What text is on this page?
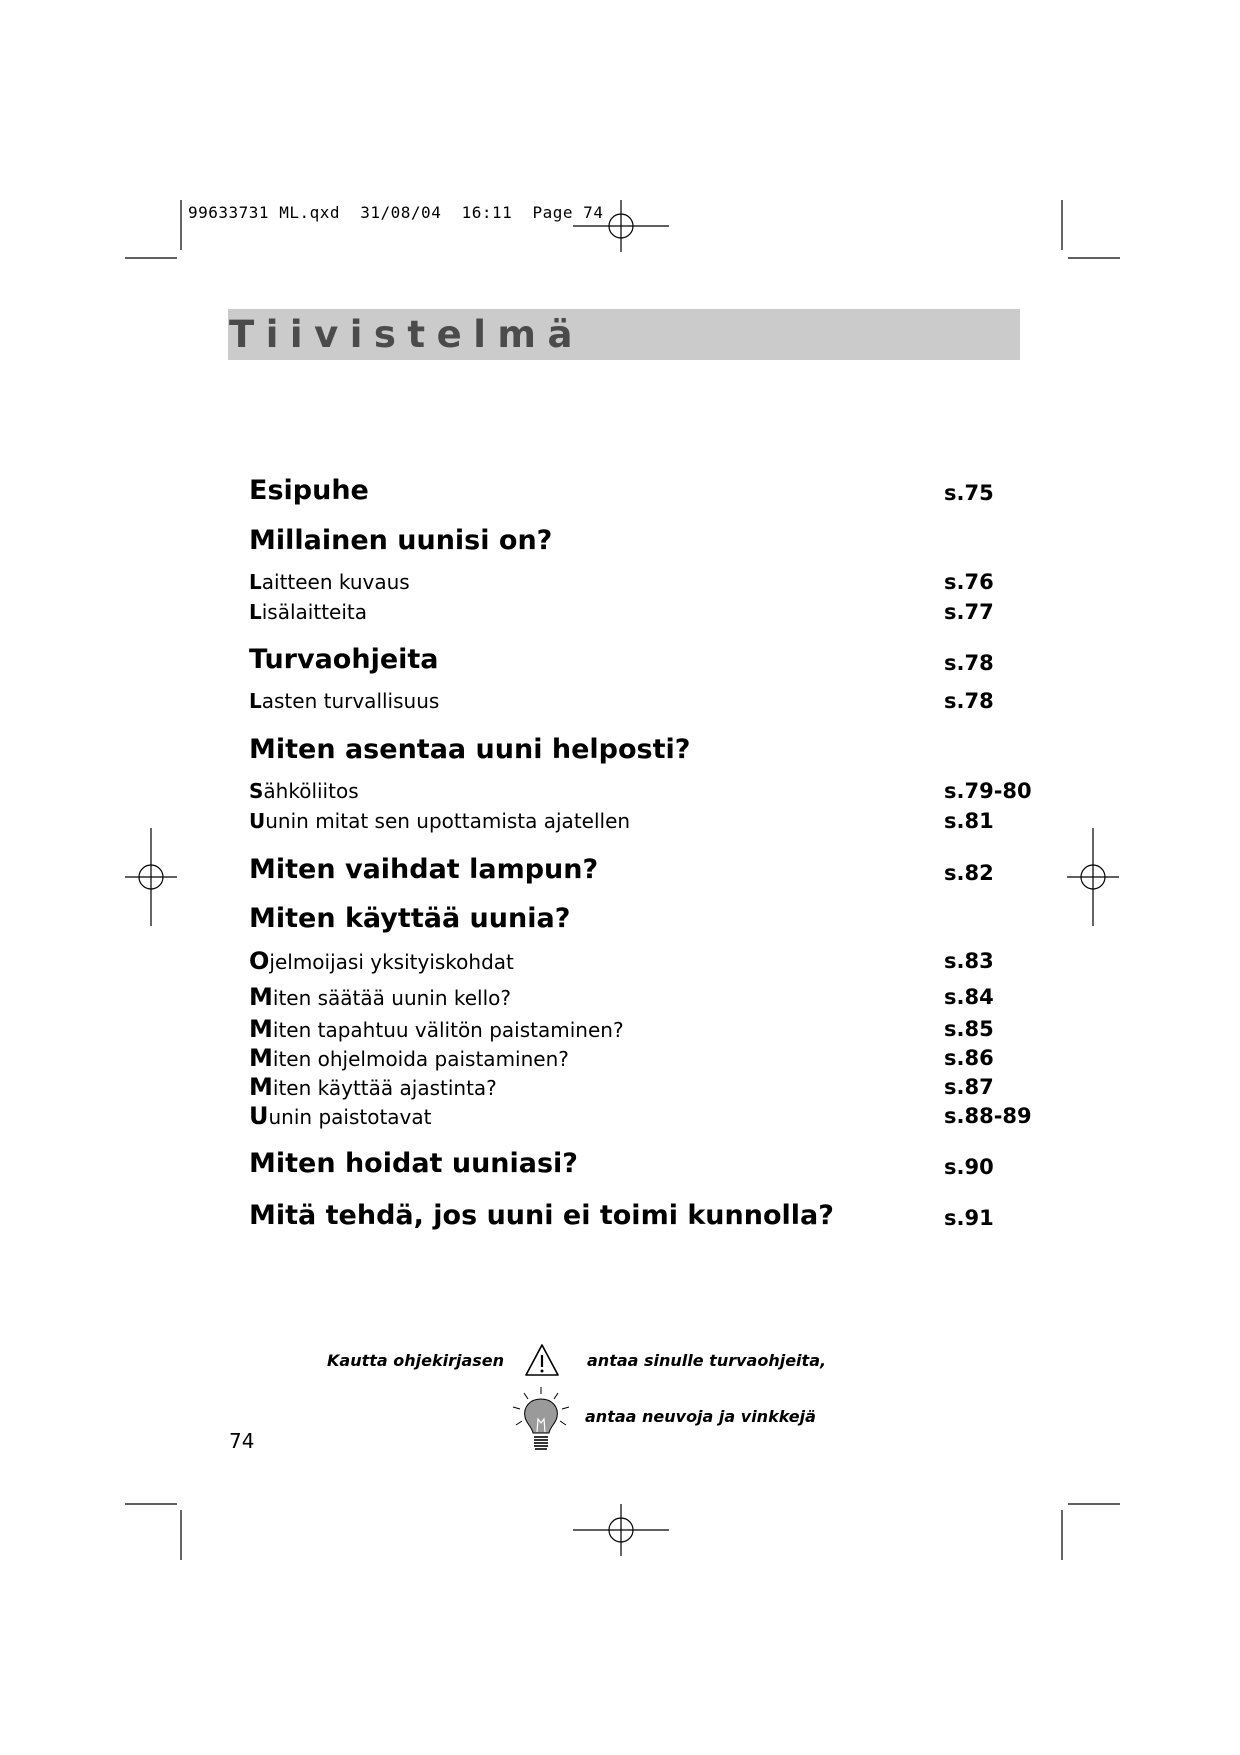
99633731 ML.qxd  31/08/04  16:11  Page 74
Tiivistelmä
Esipuhe	s.75
Millainen uunisi on?
Laitteen kuvaus	s.76
Lisälaitteita	s.77
Turvaohjeita	s.78
Lasten turvallisuus	s.78
Miten asentaa uuni helposti?
Sähköliitos	s.79-80
Uunin mitat sen upottamista ajatellen	s.81
Miten vaihdat lampun?	s.82
Miten käyttää uunia?
Ojelmoijasi yksityiskohdat	s.83
Miten säätää uunin kello?	s.84
Miten tapahtuu välitön paistaminen?	s.85
Miten ohjelmoida paistaminen?	s.86
Miten käyttää ajastinta?	s.87
Uunin paistotavat	s.88-89
Miten hoidat uuniasi?	s.90
Mitä tehdä, jos uuni ei toimi kunnolla?	s.91
Kautta ohjekirjasen	antaa sinulle turvaohjeita,
antaa neuvoja ja vinkkejä
74
